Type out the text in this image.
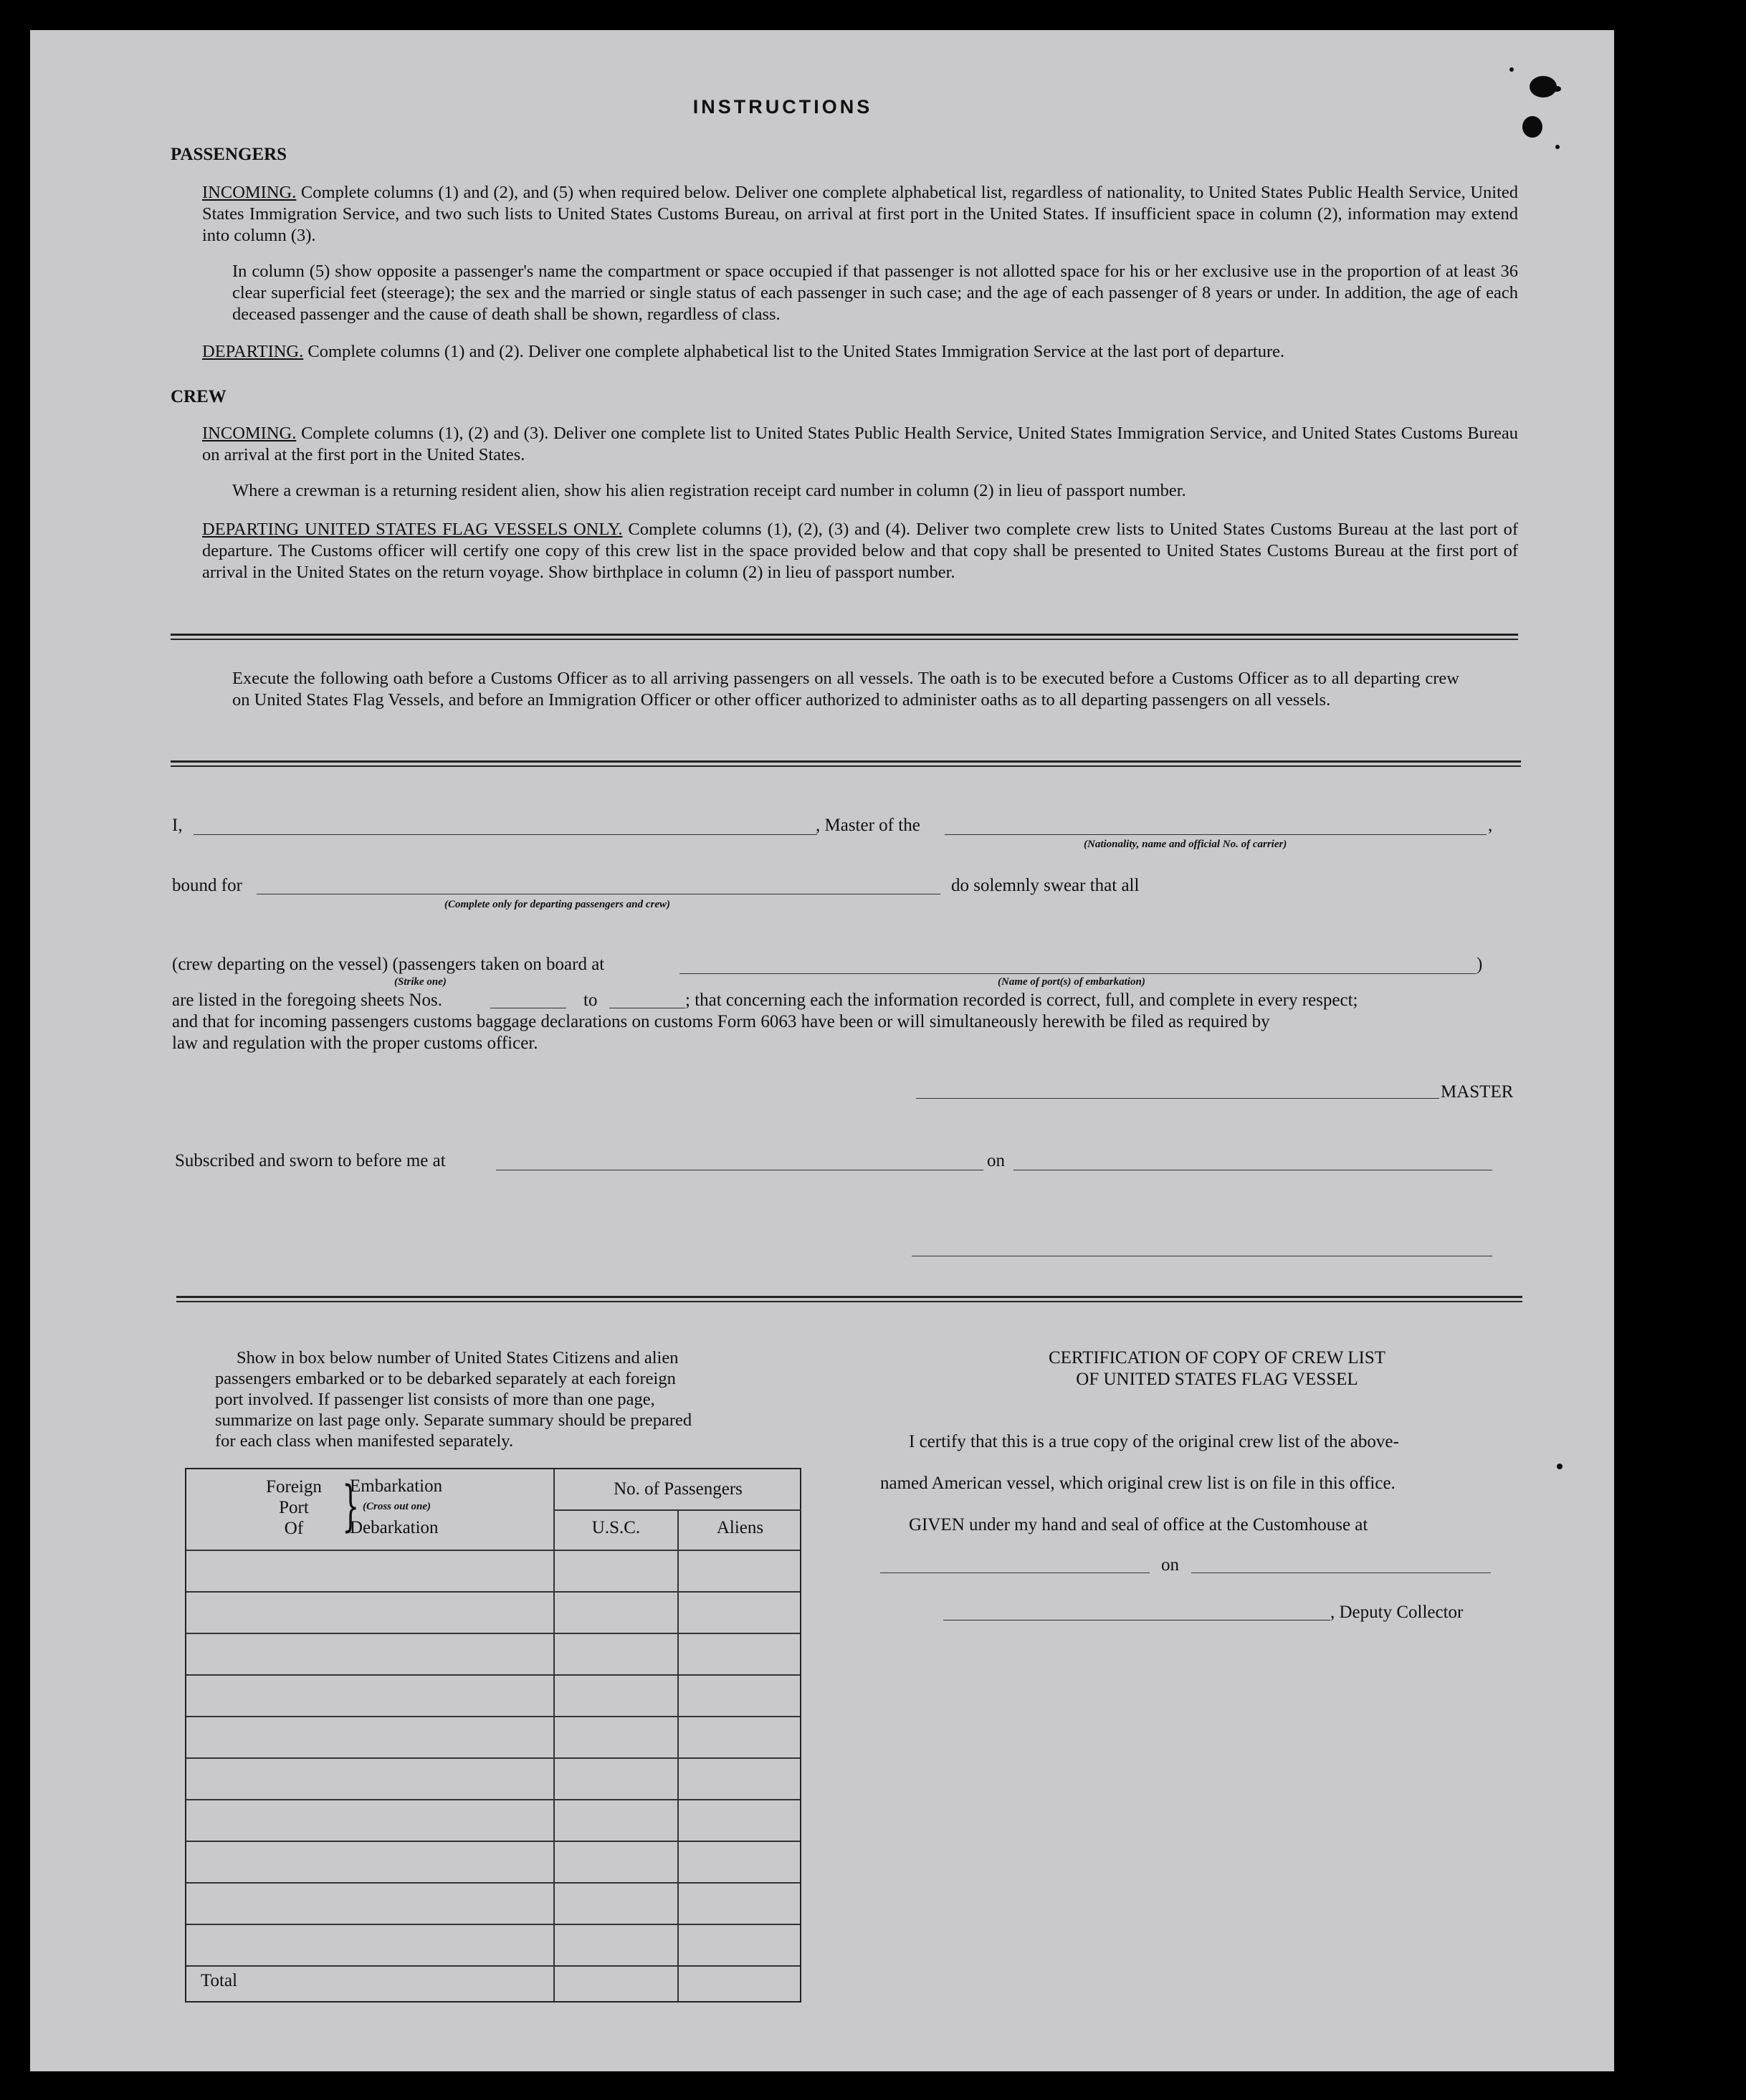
INSTRUCTIONS
PASSENGERS
INCOMING. Complete columns (1) and (2), and (5) when required below. Deliver one complete alphabetical list, regardless of nationality, to United States Public Health Service, United States Immigration Service, and two such lists to United States Customs Bureau, on arrival at first port in the United States. If insufficient space in column (2), information may extend into column (3).
In column (5) show opposite a passenger's name the compartment or space occupied if that passenger is not allotted space for his or her exclusive use in the proportion of at least 36 clear superficial feet (steerage); the sex and the married or single status of each passenger in such case; and the age of each passenger of 8 years or under. In addition, the age of each deceased passenger and the cause of death shall be shown, regardless of class.
DEPARTING. Complete columns (1) and (2). Deliver one complete alphabetical list to the United States Immigration Service at the last port of departure.
CREW
INCOMING. Complete columns (1), (2) and (3). Deliver one complete list to United States Public Health Service, United States Immigration Service, and United States Customs Bureau on arrival at the first port in the United States.
Where a crewman is a returning resident alien, show his alien registration receipt card number in column (2) in lieu of passport number.
DEPARTING UNITED STATES FLAG VESSELS ONLY. Complete columns (1), (2), (3) and (4). Deliver two complete crew lists to United States Customs Bureau at the last port of departure. The Customs officer will certify one copy of this crew list in the space provided below and that copy shall be presented to United States Customs Bureau at the first port of arrival in the United States on the return voyage. Show birthplace in column (2) in lieu of passport number.
Execute the following oath before a Customs Officer as to all arriving passengers on all vessels. The oath is to be executed before a Customs Officer as to all departing crew on United States Flag Vessels, and before an Immigration Officer or other officer authorized to administer oaths as to all departing passengers on all vessels.
I,	, Master of the	,
(Nationality, name and official No. of carrier)
bound for
(Complete only for departing passengers and crew)
do solemnly swear that all
(crew departing on the vessel) (passengers taken on board at	)
(Strike one)	(Name of port(s) of embarkation)
are listed in the foregoing sheets Nos.	to	; that concerning each the information recorded is correct, full, and complete in every respect;
and that for incoming passengers customs baggage declarations on customs Form 6063 have been or will simultaneously herewith be filed as required by
law and regulation with the proper customs officer.
MASTER
Subscribed and sworn to before me at	on
Show in box below number of United States Citizens and alien
passengers embarked or to be debarked separately at each foreign
port involved. If passenger list consists of more than one page,
summarize on last page only. Separate summary should be prepared
for each class when manifested separately.
Foreign
Port
Of }
Embarkation
(Cross out one)
Debarkation
No. of Passengers
U.S.C.	Aliens
Total
CERTIFICATION OF COPY OF CREW LIST
OF UNITED STATES FLAG VESSEL
I certify that this is a true copy of the original crew list of the above-
named American vessel, which original crew list is on file in this office.
GIVEN under my hand and seal of office at the Customhouse at
on
, Deputy Collector
